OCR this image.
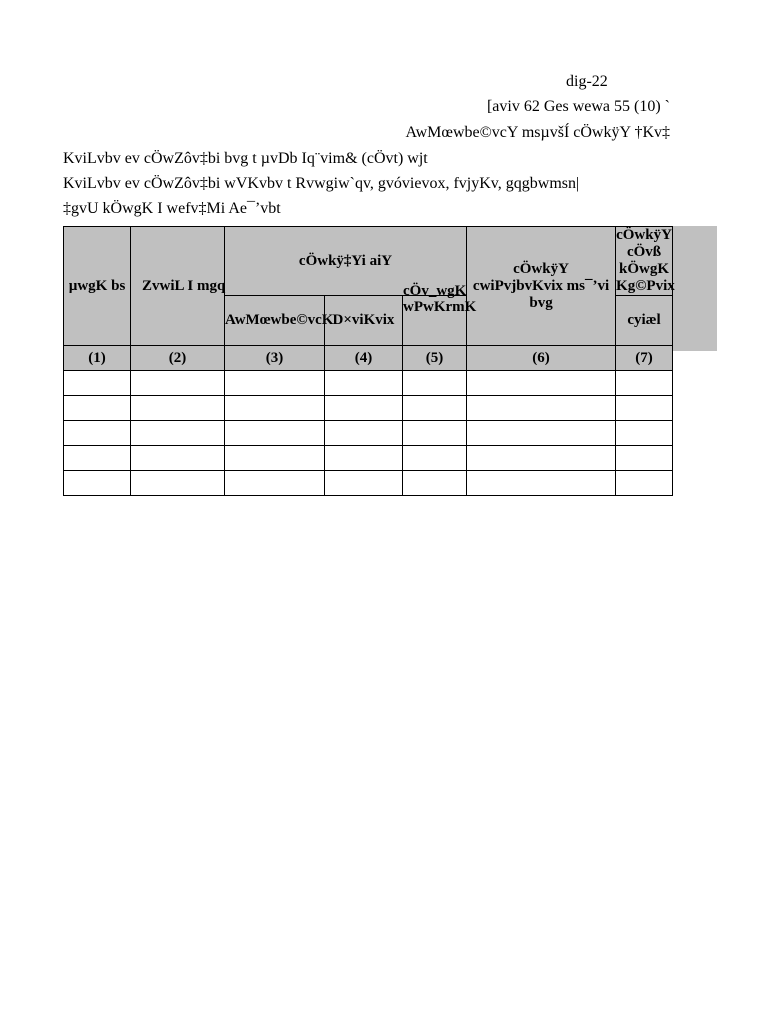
dig-22
[aviv 62 Ges wewa 55 (10) `
AwMœwbe©vcY msµvšÍ cÖwkÿY †Kv‡
KviLvbv ev cÖwZôv‡bi bvg t µvDb Iq¨vim& (cÖvt) wjt
KviLvbv ev cÖwZôv‡bi wVKvbv t Rvwgiw`qv, gvóvievox, fvjyKv, gqgbwmsn|
‡gvU kÖwgK I wefv‡Mi Ae¯’vbt
µwgK bs	ZvwiL I mgq	cÖwkÿ‡Yi aiY			cÖwkÿY cwiPvjbvKvix ms¯’vi bvg	cÖwkÿY cÖvß kÖwgK Kg©Pvix
		AwMœwbe©vcK	D×viKvix	cÖv_wgK wPwKrmK		cyiæl
(1)	(2)	(3)	(4)	(5)	(6)	(7)
